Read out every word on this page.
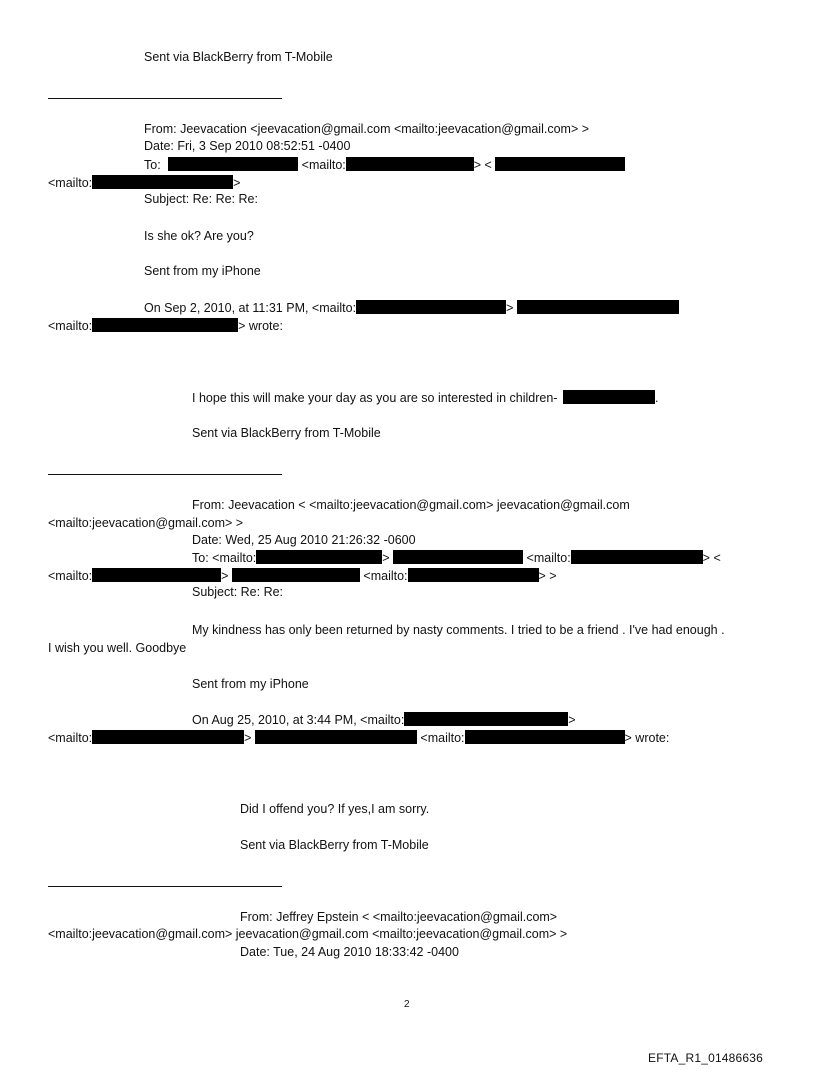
Sent via BlackBerry from T-Mobile
From: Jeevacation <jeevacation@gmail.com <mailto:jeevacation@gmail.com> >
Date: Fri, 3 Sep 2010 08:52:51 -0400
To:	<mailto:	> <
<mailto:	>
Subject: Re: Re: Re:
Is she ok? Are you?
Sent from my iPhone
On Sep 2, 2010, at 11:31 PM, <mailto:	>
<mailto:	> wrote:
I hope this will make your day as you are so interested in children-	.
Sent via BlackBerry from T-Mobile
From: Jeevacation < <mailto:jeevacation@gmail.com> jeevacation@gmail.com
<mailto:jeevacation@gmail.com> >
Date: Wed, 25 Aug 2010 21:26:32 -0600
To: <mailto:	>	<mailto:	> <
<mailto:	>	<mailto:	> >
Subject: Re: Re:
My kindness has only been returned by nasty comments. I tried to be a friend . I've had enough .
I wish you well. Goodbye
Sent from my iPhone
On Aug 25, 2010, at 3:44 PM, <mailto:	>
<mailto:	>	<mailto:	> wrote:
Did I offend you? If yes,I am sorry.
Sent via BlackBerry from T-Mobile
From: Jeffrey Epstein < <mailto:jeevacation@gmail.com>
<mailto:jeevacation@gmail.com> jeevacation@gmail.com <mailto:jeevacation@gmail.com> >
Date: Tue, 24 Aug 2010 18:33:42 -0400
2
EFTA_R1_01486636
